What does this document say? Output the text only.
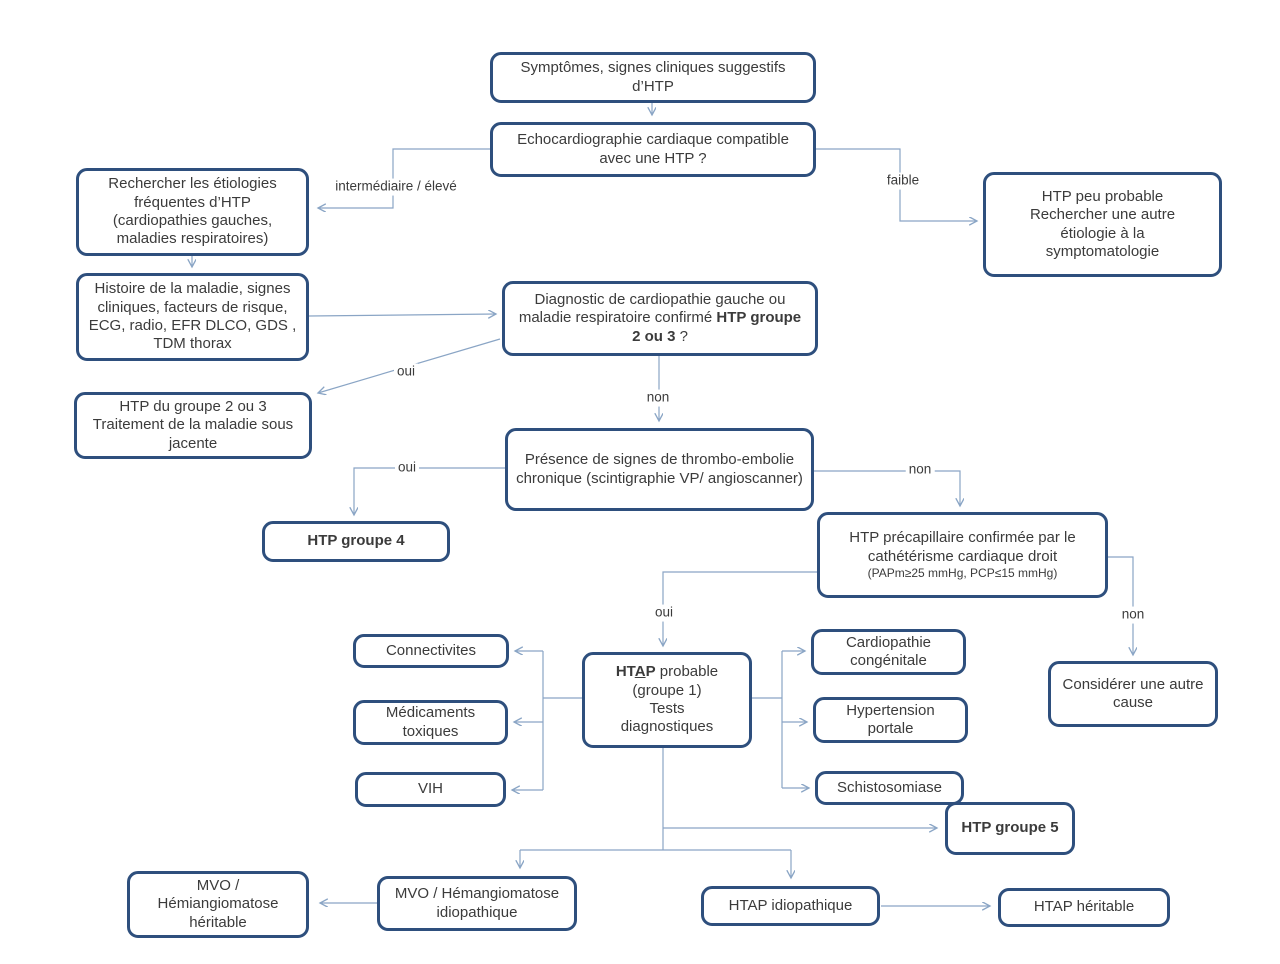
Symptômes, signes cliniques suggestifs d’HTP
Echocardiographie cardiaque compatible avec une HTP ?
Rechercher les étiologies fréquentes d’HTP (cardiopathies gauches, maladies respiratoires)
Histoire de la maladie, signes cliniques, facteurs de risque, ECG, radio, EFR DLCO, GDS , TDM thorax
HTP peu probable
Rechercher une autre
étiologie à la
symptomatologie
Diagnostic de cardiopathie gauche ou maladie respiratoire confirmé HTP groupe 2 ou 3 ?
HTP du groupe 2 ou 3 Traitement de la maladie sous jacente
Présence de signes de thrombo-embolie chronique (scintigraphie VP/ angioscanner)
HTP groupe 4	HTP précapillaire confirmée par le
cathétérisme cardiaque droit
(PAPm≥25 mmHg, PCP≤15 mmHg)
HTAP probable
(groupe 1)
Tests
diagnostiques
Connectivites
Médicaments toxiques
VIH
Cardiopathie congénitale
Hypertension portale
Schistosomiase
Considérer une autre cause
HTP groupe 5
MVO /
Hémiangiomatose
héritable
MVO / Hémangiomatose idiopathique	HTAP idiopathique	HTAP héritable
intermédiaire / élevé	faible
oui
non
oui	non
oui	non
